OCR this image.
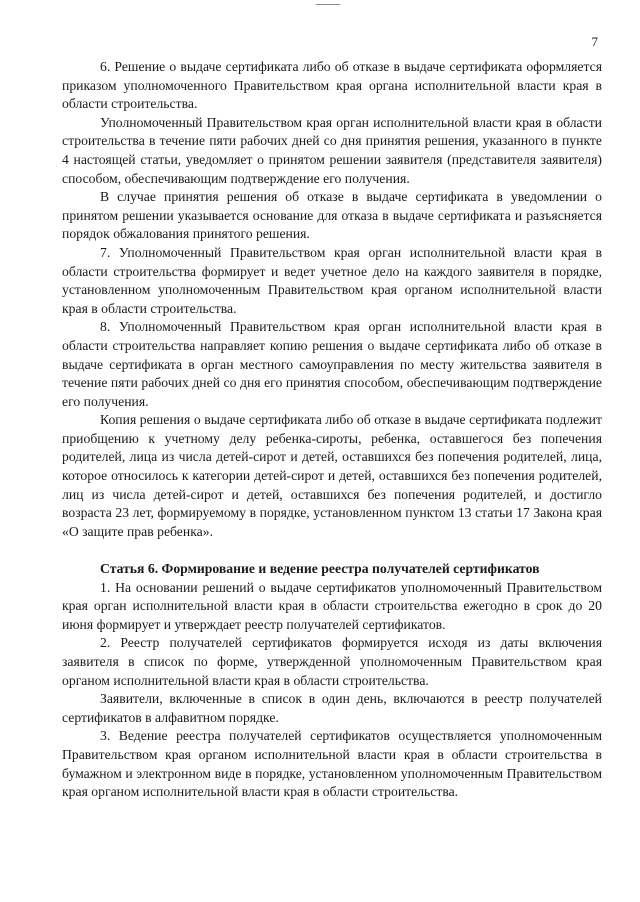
7

6. Решение о выдаче сертификата либо об отказе в выдаче сертификата оформляется приказом уполномоченного Правительством края органа исполнительной власти края в области строительства.

Уполномоченный Правительством края орган исполнительной власти края в области строительства в течение пяти рабочих дней со дня принятия решения, указанного в пункте 4 настоящей статьи, уведомляет о принятом решении заявителя (представителя заявителя) способом, обеспечивающим подтверждение его получения.

В случае принятия решения об отказе в выдаче сертификата в уведомлении о принятом решении указывается основание для отказа в выдаче сертификата и разъясняется порядок обжалования принятого решения.

7. Уполномоченный Правительством края орган исполнительной власти края в области строительства формирует и ведет учетное дело на каждого заявителя в порядке, установленном уполномоченным Правительством края органом исполнительной власти края в области строительства.

8. Уполномоченный Правительством края орган исполнительной власти края в области строительства направляет копию решения о выдаче сертификата либо об отказе в выдаче сертификата в орган местного самоуправления по месту жительства заявителя в течение пяти рабочих дней со дня его принятия способом, обеспечивающим подтверждение его получения.

Копия решения о выдаче сертификата либо об отказе в выдаче сертификата подлежит приобщению к учетному делу ребенка-сироты, ребенка, оставшегося без попечения родителей, лица из числа детей-сирот и детей, оставшихся без попечения родителей, лица, которое относилось к категории детей-сирот и детей, оставшихся без попечения родителей, лиц из числа детей-сирот и детей, оставшихся без попечения родителей, и достигло возраста 23 лет, формируемому в порядке, установленном пунктом 13 статьи 17 Закона края «О защите прав ребенка».

Статья 6. Формирование и ведение реестра получателей сертификатов

1. На основании решений о выдаче сертификатов уполномоченный Правительством края орган исполнительной власти края в области строительства ежегодно в срок до 20 июня формирует и утверждает реестр получателей сертификатов.

2. Реестр получателей сертификатов формируется исходя из даты включения заявителя в список по форме, утвержденной уполномоченным Правительством края органом исполнительной власти края в области строительства.

Заявители, включенные в список в один день, включаются в реестр получателей сертификатов в алфавитном порядке.

3. Ведение реестра получателей сертификатов осуществляется уполномоченным Правительством края органом исполнительной власти края в области строительства в бумажном и электронном виде в порядке, установленном уполномоченным Правительством края органом исполнительной власти края в области строительства.
